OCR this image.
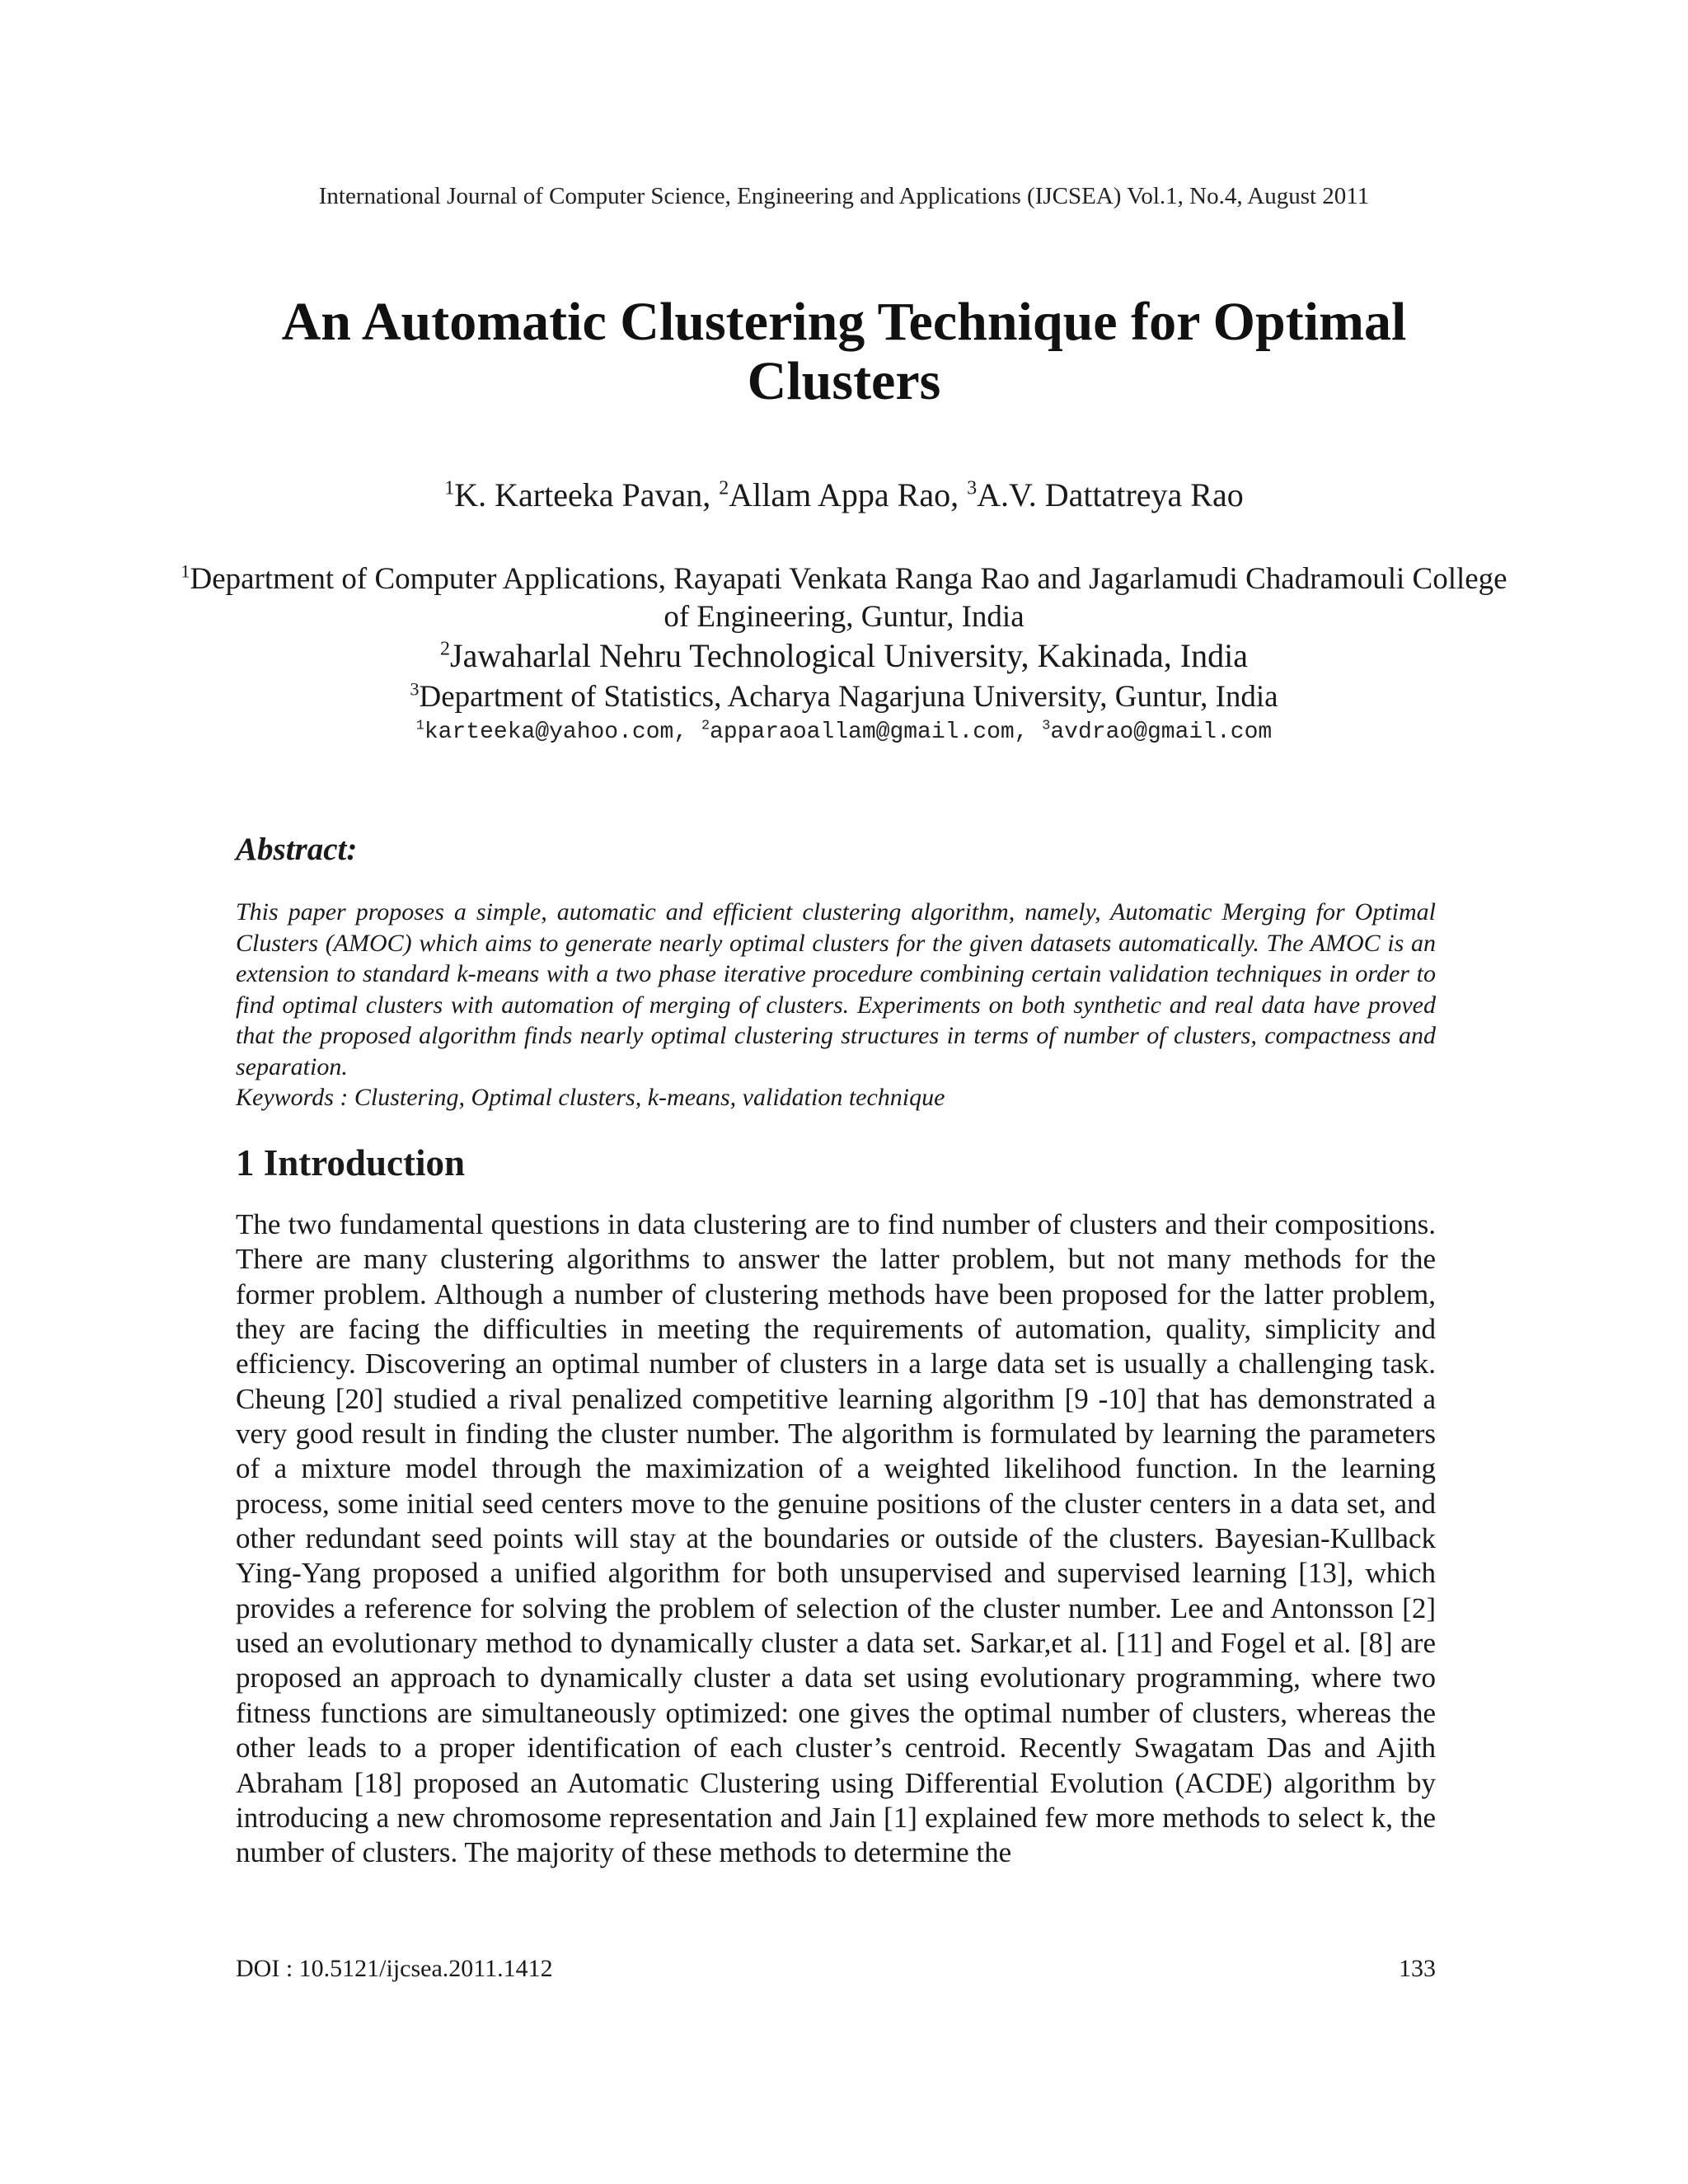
International Journal of Computer Science, Engineering and Applications (IJCSEA) Vol.1, No.4, August 2011
An Automatic Clustering Technique for Optimal Clusters
$^1$K. Karteeka Pavan, $^2$Allam Appa Rao, $^3$A.V. Dattatreya Rao
$^1$Department of Computer Applications, Rayapati Venkata Ranga Rao and Jagarlamudi Chadramouli College of Engineering, Guntur, India
$^2$Jawaharlal Nehru Technological University, Kakinada, India
$^3$Department of Statistics, Acharya Nagarjuna University, Guntur, India
$^1$karteeka@yahoo.com, $^2$apparaoallam@gmail.com, $^3$avdrao@gmail.com
Abstract:

This paper proposes a simple, automatic and efficient clustering algorithm, namely, Automatic Merging for Optimal Clusters (AMOC) which aims to generate nearly optimal clusters for the given datasets automatically. The AMOC is an extension to standard k-means with a two phase iterative procedure combining certain validation techniques in order to find optimal clusters with automation of merging of clusters. Experiments on both synthetic and real data have proved that the proposed algorithm finds nearly optimal clustering structures in terms of number of clusters, compactness and separation.

Keywords : Clustering, Optimal clusters, k-means, validation technique

1 Introduction

The two fundamental questions in data clustering are to find number of clusters and their compositions. There are many clustering algorithms to answer the latter problem, but not many methods for the former problem. Although a number of clustering methods have been proposed for the latter problem, they are facing the difficulties in meeting the requirements of automation, quality, simplicity and efficiency. Discovering an optimal number of clusters in a large data set is usually a challenging task. Cheung [20] studied a rival penalized competitive learning algorithm [9 -10] that has demonstrated a very good result in finding the cluster number. The algorithm is formulated by learning the parameters of a mixture model through the maximization of a weighted likelihood function. In the learning process, some initial seed centers move to the genuine positions of the cluster centers in a data set, and other redundant seed points will stay at the boundaries or outside of the clusters. Bayesian-Kullback Ying-Yang proposed a unified algorithm for both unsupervised and supervised learning [13], which provides a reference for solving the problem of selection of the cluster number. Lee and Antonsson [2] used an evolutionary method to dynamically cluster a data set. Sarkar,et al. [11] and Fogel et al. [8] are proposed an approach to dynamically cluster a data set using evolutionary programming, where two fitness functions are simultaneously optimized: one gives the optimal number of clusters, whereas the other leads to a proper identification of each cluster’s centroid. Recently Swagatam Das and Ajith Abraham [18] proposed an Automatic Clustering using Differential Evolution (ACDE) algorithm by introducing a new chromosome representation and Jain [1] explained few more methods to select k, the number of clusters. The majority of these methods to determine the

DOI : 10.5121/ijcsea.2011.1412	133
